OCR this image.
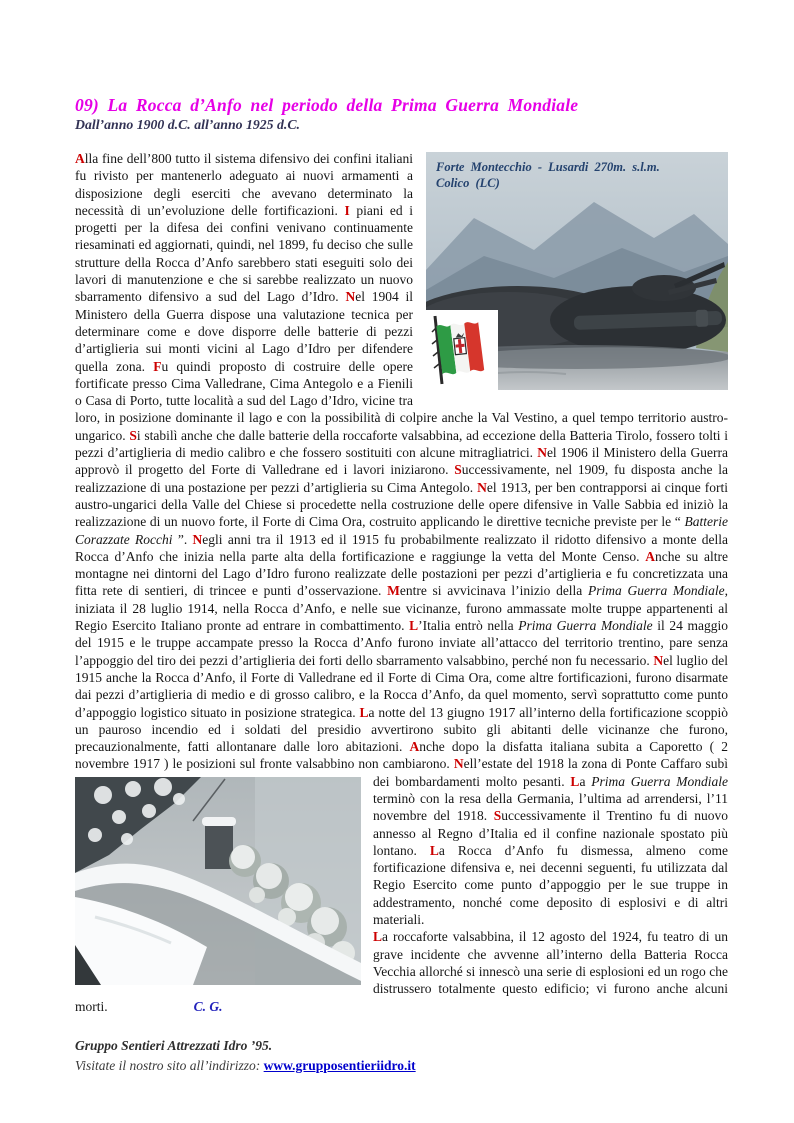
09) La Rocca d’Anfo nel periodo della Prima Guerra Mondiale
Dall’anno 1900 d.C. all’anno 1925 d.C.
Forte Montecchio - Lusardi 270m. s.l.m.
Colico (LC)
Alla fine dell’800 tutto il sistema difensivo dei confini italiani fu rivisto per mantenerlo adeguato ai nuovi armamenti a disposizione degli eserciti che avevano determinato la necessità di un’evoluzione delle fortificazioni. I piani ed i progetti per la difesa dei confini venivano continuamente riesaminati ed aggiornati, quindi, nel 1899, fu deciso che sulle strutture della Rocca d’Anfo sarebbero stati eseguiti solo dei lavori di manutenzione e che si sarebbe realizzato un nuovo sbarramento difensivo a sud del Lago d’Idro. Nel 1904 il Ministero della Guerra dispose una valutazione tecnica per determinare come e dove disporre delle batterie di pezzi d’artiglieria sui monti vicini al Lago d’Idro per difendere quella zona. Fu quindi proposto di costruire delle opere fortificate presso Cima Valledrane, Cima Antegolo e a Fienili o Casa di Porto, tutte località a sud del Lago d’Idro, vicine tra loro, in posizione dominante il lago e con la possibilità di colpire anche la Val Vestino, a quel tempo territorio austro-ungarico. Si stabilì anche che dalle batterie della roccaforte valsabbina, ad eccezione della Batteria Tirolo, fossero tolti i pezzi d’artiglieria di medio calibro e che fossero sostituiti con alcune mitragliatrici. Nel 1906 il Ministero della Guerra approvò il progetto del Forte di Valledrane ed i lavori iniziarono. Successivamente, nel 1909, fu disposta anche la realizzazione di una postazione per pezzi d’artiglieria su Cima Antegolo. Nel 1913, per ben contrapporsi ai cinque forti austro-ungarici della Valle del Chiese si procedette nella costruzione delle opere difensive in Valle Sabbia ed iniziò la realizzazione di un nuovo forte, il Forte di Cima Ora, costruito applicando le direttive tecniche previste per le “ Batterie Corazzate Rocchi ”. Negli anni tra il 1913 ed il 1915 fu probabilmente realizzato il ridotto difensivo a monte della Rocca d’Anfo che inizia nella parte alta della fortificazione e raggiunge la vetta del Monte Censo. Anche su altre montagne nei dintorni del Lago d’Idro furono realizzate delle postazioni per pezzi d’artiglieria e fu concretizzata una fitta rete di sentieri, di trincee e punti d’osservazione. Mentre si avvicinava l’inizio della Prima Guerra Mondiale, iniziata il 28 luglio 1914, nella Rocca d’Anfo, e nelle sue vicinanze, furono ammassate molte truppe appartenenti al Regio Esercito Italiano pronte ad entrare in combattimento. L’Italia entrò nella Prima Guerra Mondiale il 24 maggio del 1915 e le truppe accampate presso la Rocca d’Anfo furono inviate all’attacco del territorio trentino, pare senza l’appoggio del tiro dei pezzi d’artiglieria dei forti dello sbarramento valsabbino, perché non fu necessario. Nel luglio del 1915 anche la Rocca d’Anfo, il Forte di Valledrane ed il Forte di Cima Ora, come altre fortificazioni, furono disarmate dai pezzi d’artiglieria di medio e di grosso calibro, e la Rocca d’Anfo, da quel momento, servì soprattutto come punto d’appoggio logistico situato in posizione strategica. La notte del 13 giugno 1917 all’interno della fortificazione scoppiò un pauroso incendio ed i soldati del presidio avvertirono subito gli abitanti delle vicinanze che furono, precauzionalmente, fatti allontanare dalle loro abitazioni. Anche dopo la disfatta italiana subita a Caporetto ( 2 novembre 1917 ) le posizioni sul fronte valsabbino non cambiarono. Nell’estate del 1918 la zona di Ponte Caffaro subì dei bombardamenti molto pesanti.
La Prima Guerra Mondiale terminò con la resa della Germania, l’ultima ad arrendersi, l’11 novembre del 1918. Successivamente il Trentino fu di nuovo annesso al Regno d’Italia ed il confine nazionale spostato più lontano. La Rocca d’Anfo fu dismessa, almeno come fortificazione difensiva e, nei decenni seguenti, fu utilizzata dal Regio Esercito come punto d’appoggio per le sue truppe in addestramento, nonché come deposito di esplosivi e di altri materiali.
La roccaforte valsabbina, il 12 agosto del 1924, fu teatro di un grave incidente che avvenne all’interno della Batteria Rocca Vecchia allorché si innescò una serie di esplosioni ed un rogo che distrussero totalmente questo edificio; vi furono anche alcuni morti.	C. G.
Gruppo Sentieri Attrezzati Idro ’95.
Visitate il nostro sito all’indirizzo: www.grupposentieriidro.it
